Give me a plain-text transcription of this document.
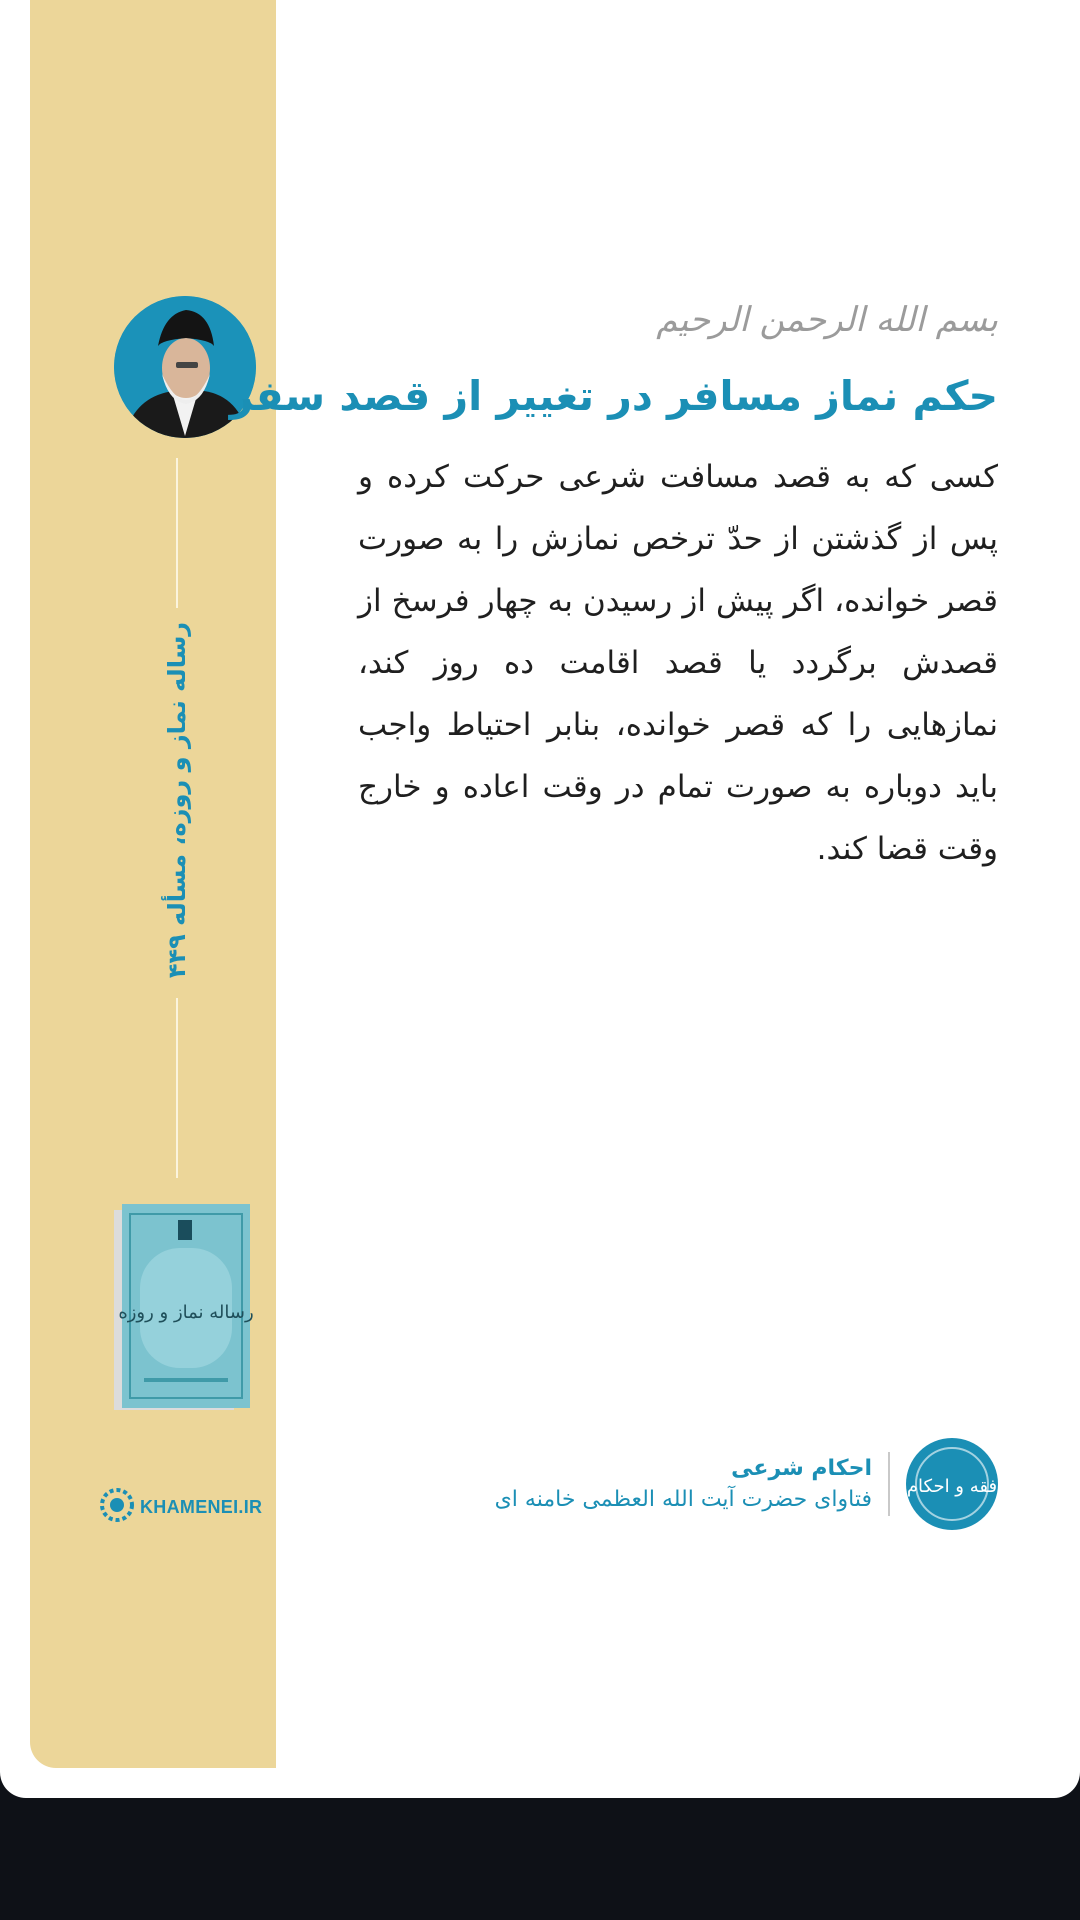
رساله نماز و روزه، مسأله ۴۴۹
رساله نماز و روزه
KHAMENEI.IR
بسم الله الرحمن الرحیم
حکم نماز مسافر در تغییر از قصد سفر
کسی که به قصد مسافت شرعی حرکت کرده و پس از گذشتن از حدّ ترخص نمازش را به صورت قصر خوانده، اگر پیش از رسیدن به چهار فرسخ از قصدش برگردد یا قصد اقامت ده روز کند، نمازهایی را که قصر خوانده، بنابر احتیاط واجب باید دوباره به صورت تمام در وقت اعاده و خارج وقت قضا کند.
فقه و احکام
احکام شرعی
فتاوای حضرت آیت الله العظمی خامنه ای
